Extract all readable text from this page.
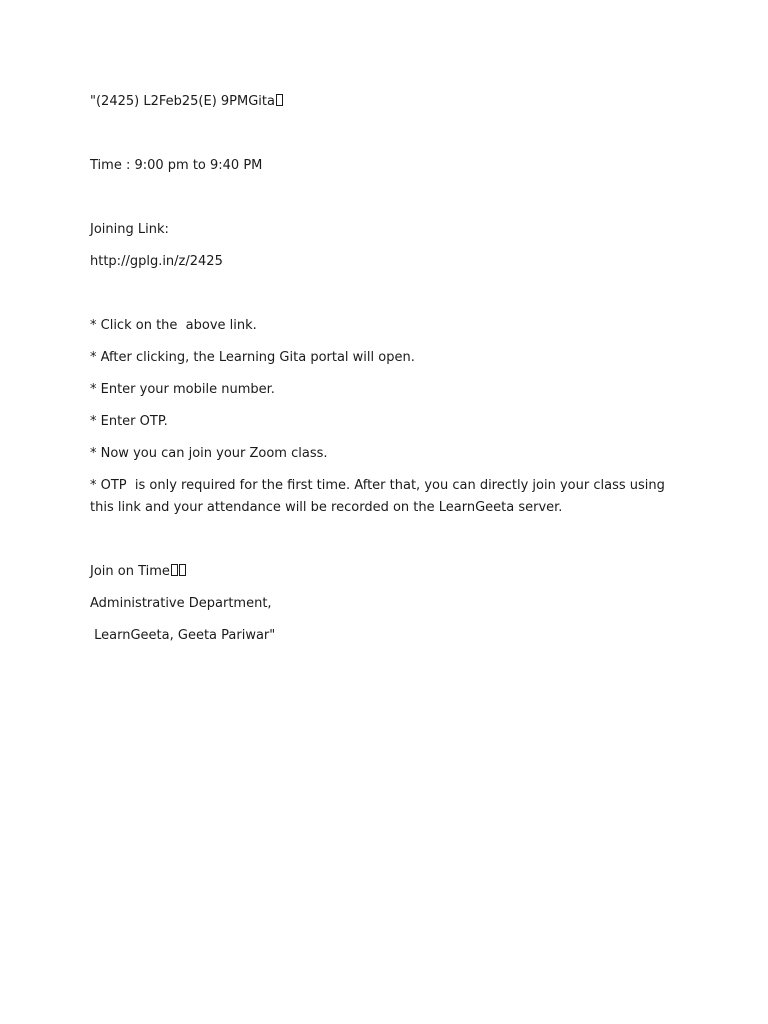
"(2425) L2Feb25(E) 9PMGita

Time : 9:00 pm to 9:40 PM

Joining Link:

http://gplg.in/z/2425

* Click on the  above link.

* After clicking, the Learning Gita portal will open.

* Enter your mobile number.

* Enter OTP.

* Now you can join your Zoom class.

* OTP  is only required for the first time. After that, you can directly join your class using this link and your attendance will be recorded on the LearnGeeta server.

Join on Time

Administrative Department,

LearnGeeta, Geeta Pariwar"
